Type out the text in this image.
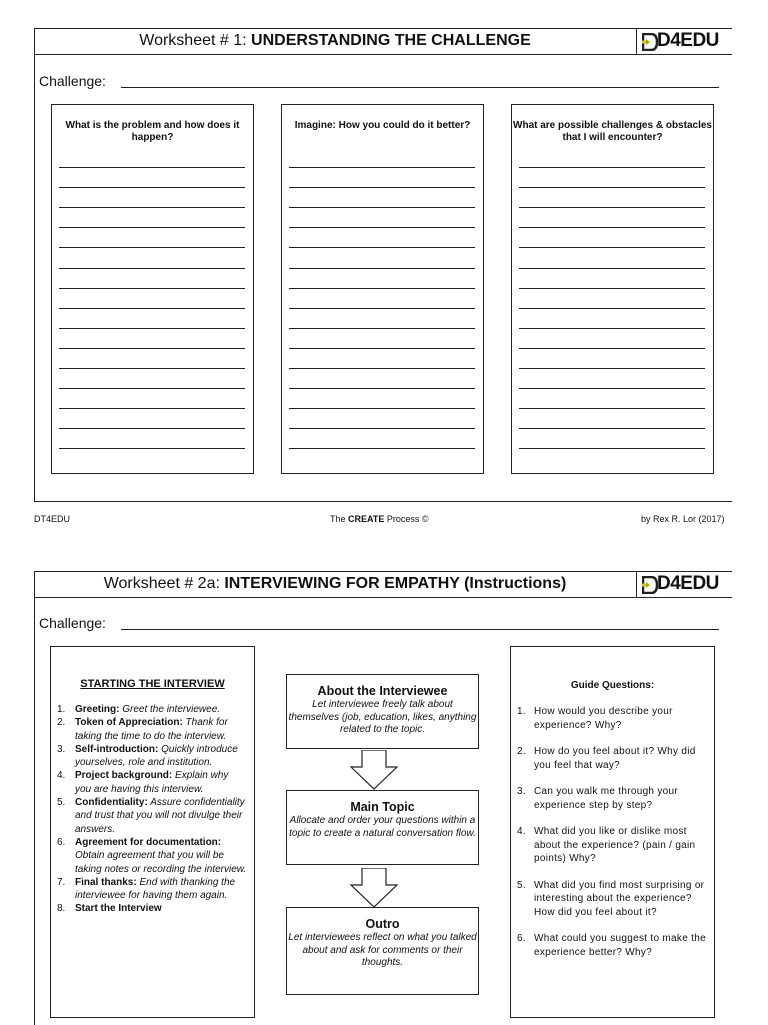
Worksheet # 1: UNDERSTANDING THE CHALLENGE	D4EDU
Challenge:
What is the problem and how does it happen?
Imagine: How you could do it better?	What are possible challenges & obstacles that I will encounter?
DT4EDU	The CREATE Process ©	by Rex R. Lor (2017)
Worksheet # 2a: INTERVIEWING FOR EMPATHY (Instructions)	D4EDU
Challenge:
STARTING THE INTERVIEW
1. Greeting: Greet the interviewee.
2. Token of Appreciation: Thank for taking the time to do the interview.
3. Self-introduction: Quickly introduce yourselves, role and institution.
4. Project background: Explain why you are having this interview.
5. Confidentiality: Assure confidentiality and trust that you will not divulge their answers.
6. Agreement for documentation: Obtain agreement that you will be taking notes or recording the interview.
7. Final thanks: End with thanking the interviewee for having them again.
8. Start the Interview
About the Interviewee
Let interviewee freely talk about themselves (job, education, likes, anything related to the topic.
Main Topic
Allocate and order your questions within a topic to create a natural conversation flow.
Outro
Let interviewees reflect on what you talked about and ask for comments or their thoughts.
Guide Questions:
1. How would you describe your experience? Why?
2. How do you feel about it? Why did you feel that way?
3. Can you walk me through your experience step by step?
4. What did you like or dislike most about the experience? (pain / gain points) Why?
5. What did you find most surprising or interesting about the experience? How did you feel about it?
6. What could you suggest to make the experience better? Why?
